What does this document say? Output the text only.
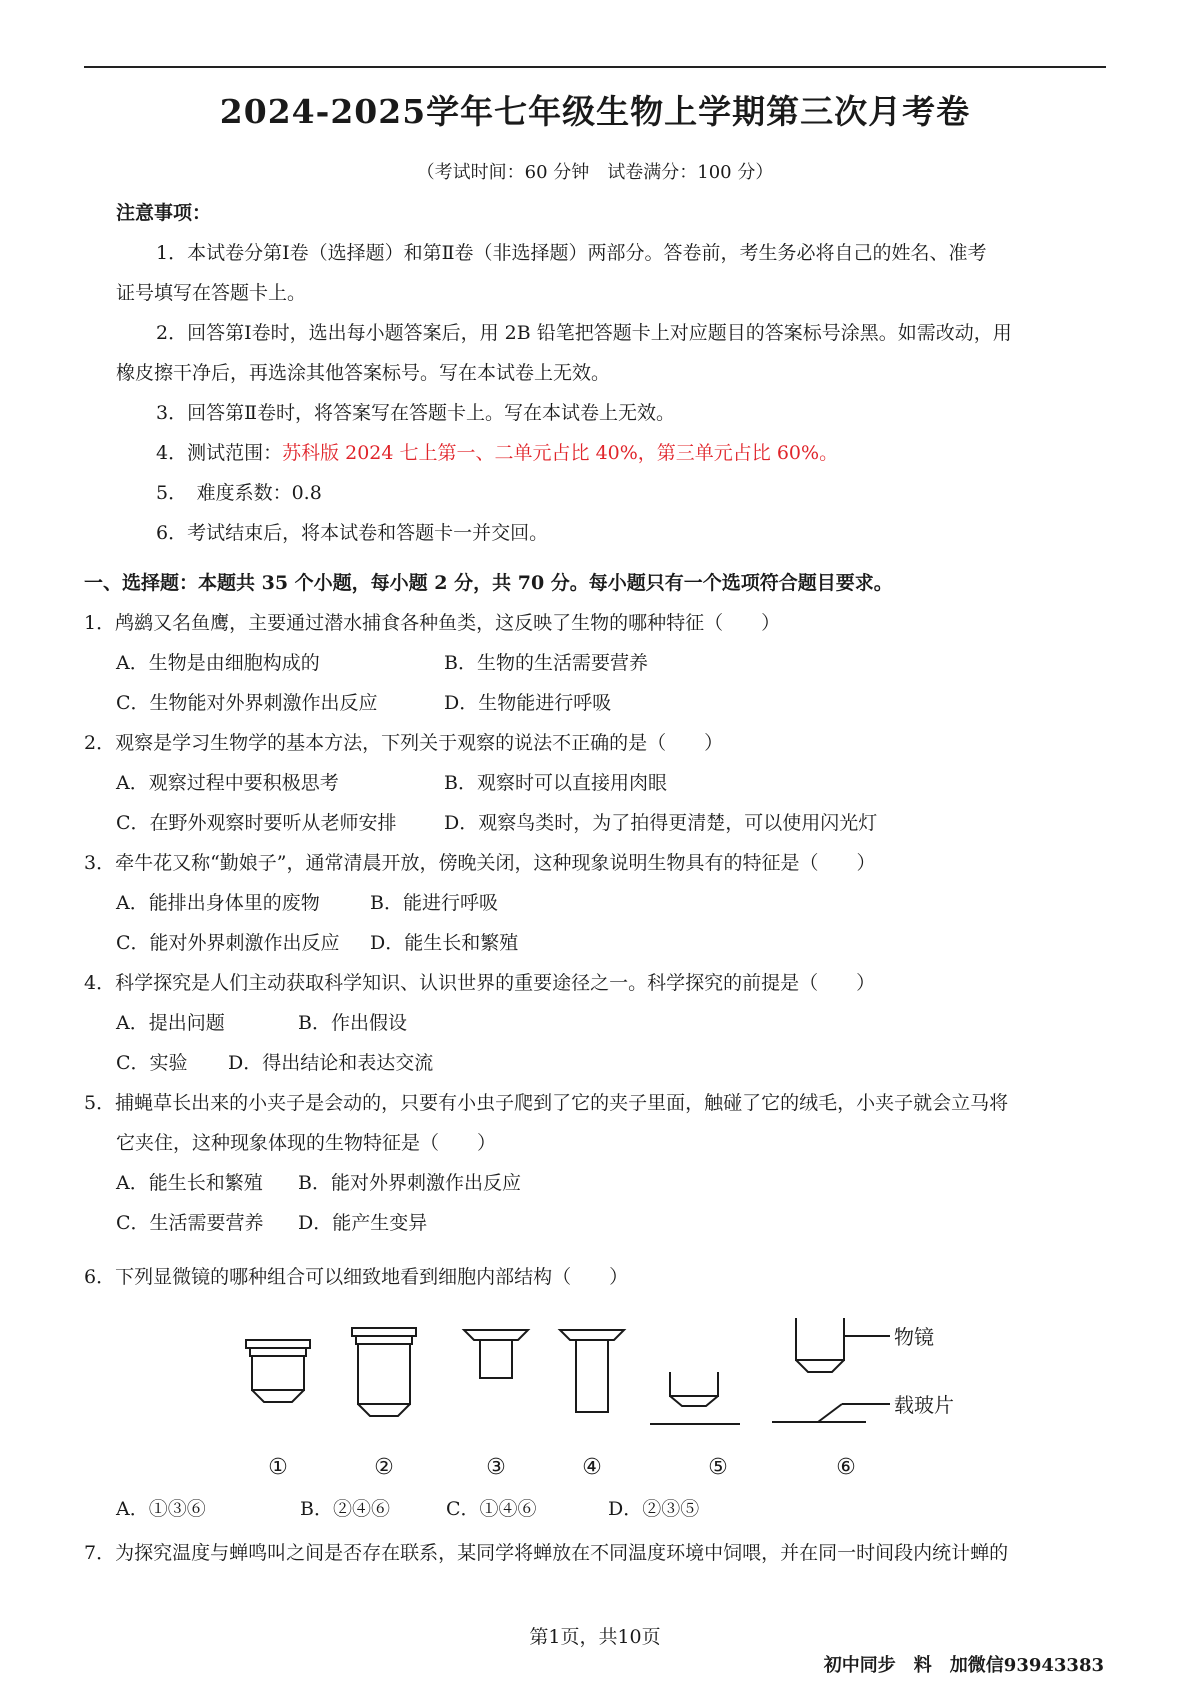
2024-2025学年七年级生物上学期第三次月考卷
（考试时间：60 分钟　试卷满分：100 分）
注意事项：
1．本试卷分第Ⅰ卷（选择题）和第Ⅱ卷（非选择题）两部分。答卷前，考生务必将自己的姓名、准考
证号填写在答题卡上。
2．回答第Ⅰ卷时，选出每小题答案后，用 2B 铅笔把答题卡上对应题目的答案标号涂黑。如需改动，用
橡皮擦干净后，再选涂其他答案标号。写在本试卷上无效。
3．回答第Ⅱ卷时，将答案写在答题卡上。写在本试卷上无效。
4．测试范围：苏科版 2024 七上第一、二单元占比 40%，第三单元占比 60%。
5．　难度系数：0.8
6．考试结束后，将本试卷和答题卡一并交回。
一、选择题：本题共 35 个小题，每小题 2 分，共 70 分。每小题只有一个选项符合题目要求。
1．鸬鹚又名鱼鹰，主要通过潜水捕食各种鱼类，这反映了生物的哪种特征（　　）
A．生物是由细胞构成的	B．生物的生活需要营养
C．生物能对外界刺激作出反应	D．生物能进行呼吸
2．观察是学习生物学的基本方法，下列关于观察的说法不正确的是（　　）
A．观察过程中要积极思考	B．观察时可以直接用肉眼
C．在野外观察时要听从老师安排 D．观察鸟类时，为了拍得更清楚，可以使用闪光灯
3．牵牛花又称“勤娘子”，通常清晨开放，傍晚关闭，这种现象说明生物具有的特征是（　　）
A．能排出身体里的废物	B．能进行呼吸
C．能对外界刺激作出反应 D．能生长和繁殖
4．科学探究是人们主动获取科学知识、认识世界的重要途径之一。科学探究的前提是（　　）
A．提出问题	B．作出假设
C．实验 D．得出结论和表达交流
5．捕蝇草长出来的小夹子是会动的，只要有小虫子爬到了它的夹子里面，触碰了它的绒毛，小夹子就会立马将
它夹住，这种现象体现的生物特征是（　　）
A．能生长和繁殖 B．能对外界刺激作出反应
C．生活需要营养 D．能产生变异
6．下列显微镜的哪种组合可以细致地看到细胞内部结构（　　）
物镜
载玻片
①	②	③	④	⑤	⑥
A．①③⑥	B．②④⑥	C．①④⑥	D．②③⑤
7．为探究温度与蝉鸣叫之间是否存在联系，某同学将蝉放在不同温度环境中饲喂，并在同一时间段内统计蝉的
第1页，共10页
初中同步　料　加微信93943383
